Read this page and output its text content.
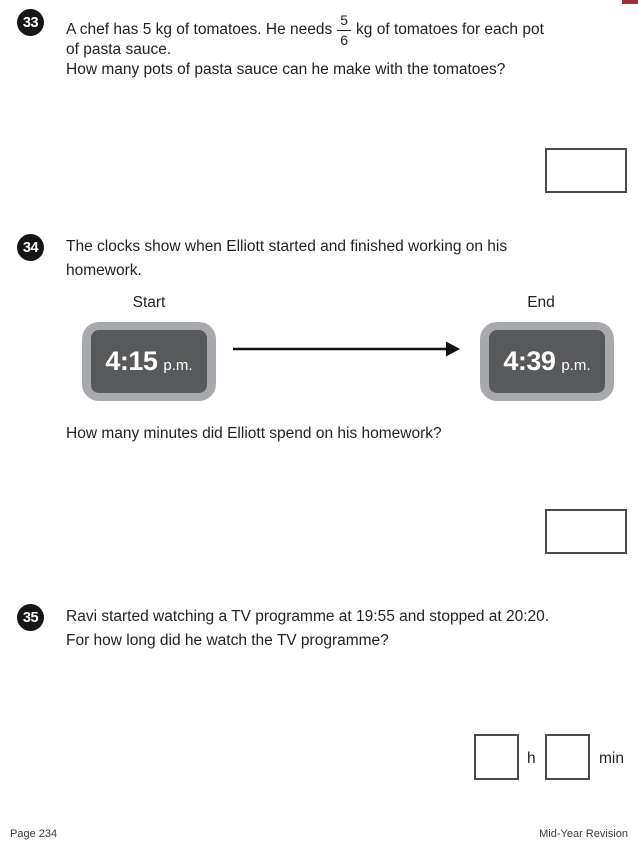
33 A chef has 5 kg of tomatoes. He needs $\frac{5}{6}$ kg of tomatoes for each pot
of pasta sauce.
How many pots of pasta sauce can he make with the tomatoes?
34 The clocks show when Elliott started and finished working on his
homework.
Start	End
4:15 p.m.	4:39 p.m.
How many minutes did Elliott spend on his homework?
35 Ravi started watching a TV programme at 19:55 and stopped at 20:20.
For how long did he watch the TV programme?
h	min
Page 234	Mid-Year Revision
